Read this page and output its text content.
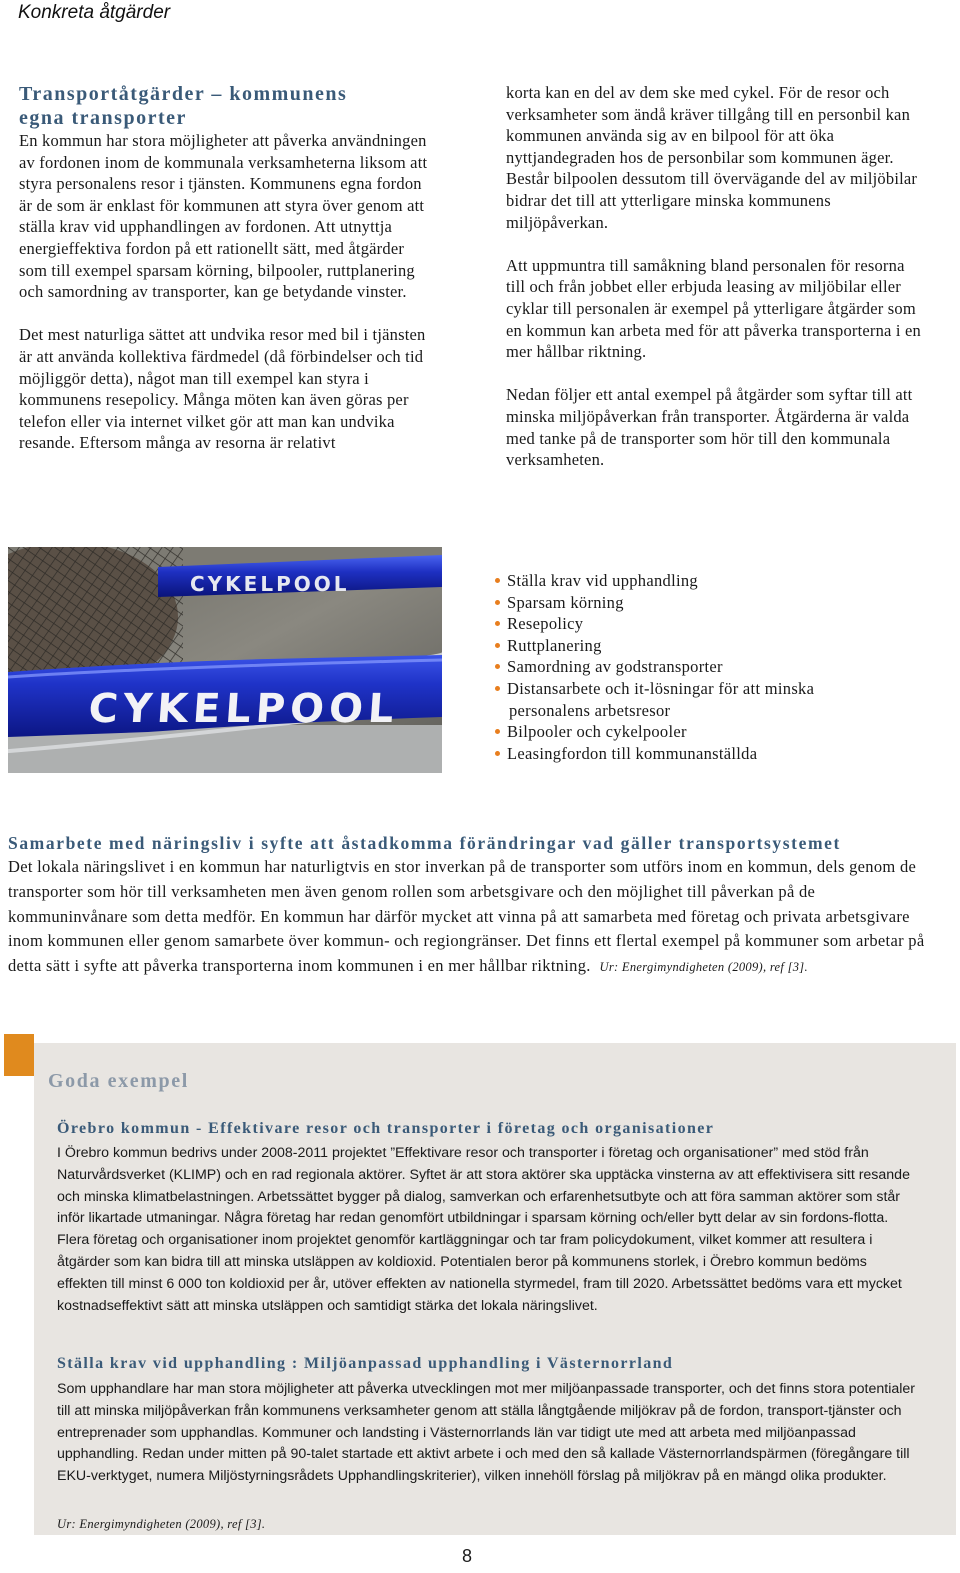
Konkreta åtgärder
Transportåtgärder – kommunens
egna transporter

En kommun har stora möjligheter att påverka användningen av fordonen inom de kommunala verksamheterna liksom att styra personalens resor i tjänsten. Kommunens egna fordon är de som är enklast för kommunen att styra över genom att ställa krav vid upphandlingen av fordonen. Att utnyttja energieffektiva fordon på ett rationellt sätt, med åtgärder som till exempel sparsam körning, bilpooler, ruttplanering och samordning av transporter, kan ge betydande vinster.

Det mest naturliga sättet att undvika resor med bil i tjänsten är att använda kollektiva färdmedel (då förbindelser och tid möjliggör detta), något man till exempel kan styra i kommunens resepolicy. Många möten kan även göras per telefon eller via internet vilket gör att man kan undvika resande. Eftersom många av resorna är relativt

korta kan en del av dem ske med cykel. För de resor och verksamheter som ändå kräver tillgång till en personbil kan kommunen använda sig av en bilpool för att öka nyttjandegraden hos de personbilar som kommunen äger. Består bilpoolen dessutom till övervägande del av miljöbilar bidrar det till att ytterligare minska kommunens miljöpåverkan.

Att uppmuntra till samåkning bland personalen för resorna till och från jobbet eller erbjuda leasing av miljöbilar eller cyklar till personalen är exempel på ytterligare åtgärder som en kommun kan arbeta med för att påverka transporterna i en mer hållbar riktning.

Nedan följer ett antal exempel på åtgärder som syftar till att minska miljöpåverkan från transporter. Åtgärderna är valda med tanke på de transporter som hör till den kommunala verksamheten.

CYKELPOOL
CYKELPOOL
Ställa krav vid upphandling
Sparsam körning
Resepolicy
Ruttplanering
Samordning av godstransporter
Distansarbete och it-lösningar för att minska
personalens arbetsresor
Bilpooler och cykelpooler
Leasingfordon till kommunanställda
Samarbete med näringsliv i syfte att åstadkomma förändringar vad gäller transportsystemet
Det lokala näringslivet i en kommun har naturligtvis en stor inverkan på de transporter som utförs inom en kommun, dels genom de transporter som hör till verksamheten men även genom rollen som arbetsgivare och den möjlighet till påverkan på de kommuninvånare som detta medför. En kommun har därför mycket att vinna på att samarbeta med företag och privata arbetsgivare inom kommunen eller genom samarbete över kommun- och regiongränser. Det finns ett flertal exempel på kommuner som arbetar på detta sätt i syfte att påverka transporterna inom kommunen i en mer hållbar riktning. Ur: Energimyndigheten (2009), ref [3].
Goda exempel
Örebro kommun - Effektivare resor och transporter i företag och organisationer
I Örebro kommun bedrivs under 2008-2011 projektet ”Effektivare resor och transporter i företag och organisationer” med stöd från Naturvårdsverket (KLIMP) och en rad regionala aktörer. Syftet är att stora aktörer ska upptäcka vinsterna av att effektivisera sitt resande och minska klimatbelastningen. Arbetssättet bygger på dialog, samverkan och erfarenhetsutbyte och att föra samman aktörer som står inför likartade utmaningar. Några företag har redan genomfört utbildningar i sparsam körning och/eller bytt delar av sin fordons-flotta. Flera företag och organisationer inom projektet genomför kartläggningar och tar fram policydokument, vilket kommer att resultera i åtgärder som kan bidra till att minska utsläppen av koldioxid. Potentialen beror på kommunens storlek, i Örebro kommun bedöms effekten till minst 6 000 ton koldioxid per år, utöver effekten av nationella styrmedel, fram till 2020. Arbetssättet bedöms vara ett mycket kostnadseffektivt sätt att minska utsläppen och samtidigt stärka det lokala näringslivet.
Ställa krav vid upphandling : Miljöanpassad upphandling i Västernorrland
Som upphandlare har man stora möjligheter att påverka utvecklingen mot mer miljöanpassade transporter, och det finns stora potentialer till att minska miljöpåverkan från kommunens verksamheter genom att ställa långtgående miljökrav på de fordon, transport-tjänster och entreprenader som upphandlas. Kommuner och landsting i Västernorrlands län var tidigt ute med att arbeta med miljöanpassad upphandling. Redan under mitten på 90-talet startade ett aktivt arbete i och med den så kallade Västernorrlandspärmen (föregångare till EKU-verktyget, numera Miljöstyrningsrådets Upphandlingskriterier), vilken innehöll förslag på miljökrav på en mängd olika produkter.
Ur: Energimyndigheten (2009), ref [3].
8
